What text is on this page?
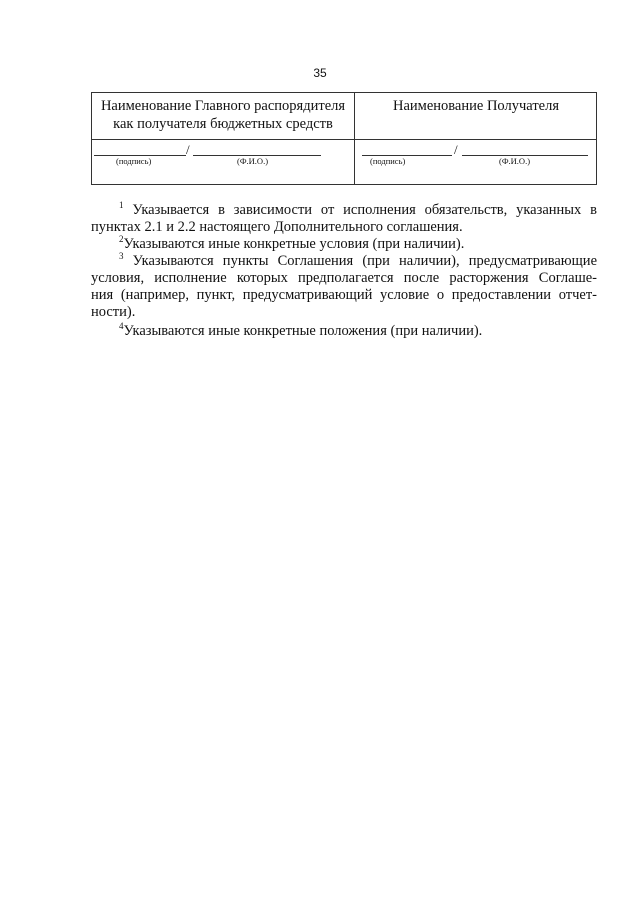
35
Наименование Главного распорядителя
как получателя бюджетных средств
Наименование Получателя
/
(подпись)	(Ф.И.О.)
/
(подпись)	(Ф.И.О.)
$^1$ Указывается в зависимости от исполнения обязательств, указанных в
пунктах 2.1 и 2.2 настоящего Дополнительного соглашения.
$^2$Указываются иные конкретные условия (при наличии).
$^3$ Указываются пункты Соглашения (при наличии), предусматривающие
условия, исполнение которых предполагается после расторжения Соглаше-
ния (например, пункт, предусматривающий условие о предоставлении отчет-
ности).
$^4$Указываются иные конкретные положения (при наличии).
